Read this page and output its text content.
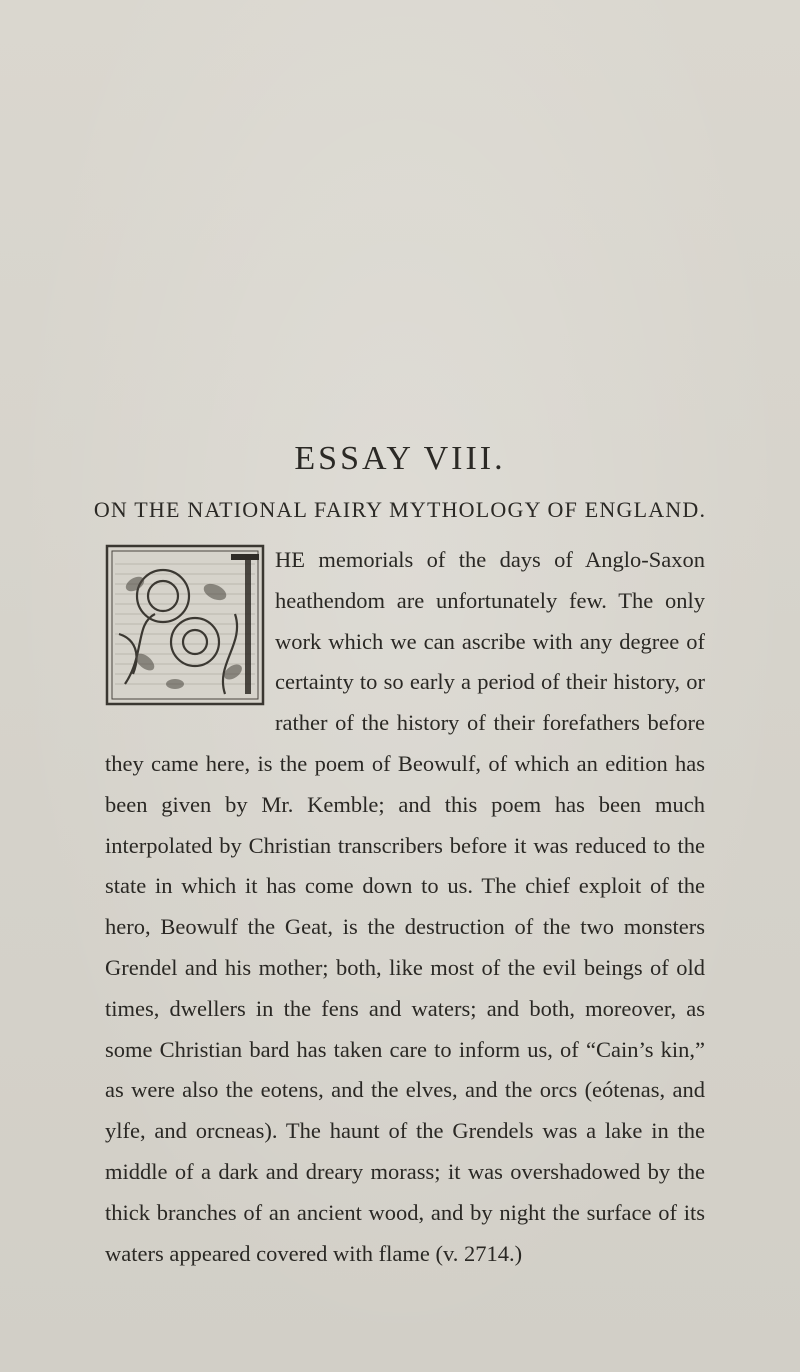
ESSAY VIII.
ON THE NATIONAL FAIRY MYTHOLOGY OF ENGLAND.
HE memorials of the days of Anglo-Saxon heathendom are unfortunately few. The only work which we can ascribe with any degree of certainty to so early a period of their history, or rather of the history of their forefathers before they came here, is the poem of Beowulf, of which an edition has been given by Mr. Kemble; and this poem has been much interpolated by Christian transcribers before it was reduced to the state in which it has come down to us. The chief exploit of the hero, Beowulf the Geat, is the destruction of the two monsters Grendel and his mother; both, like most of the evil beings of old times, dwellers in the fens and waters; and both, moreover, as some Christian bard has taken care to inform us, of “Cain’s kin,” as were also the eotens, and the elves, and the orcs (eótenas, and ylfe, and orcneas). The haunt of the Grendels was a lake in the middle of a dark and dreary morass; it was overshadowed by the thick branches of an ancient wood, and by night the surface of its waters appeared covered with flame (v. 2714.)
